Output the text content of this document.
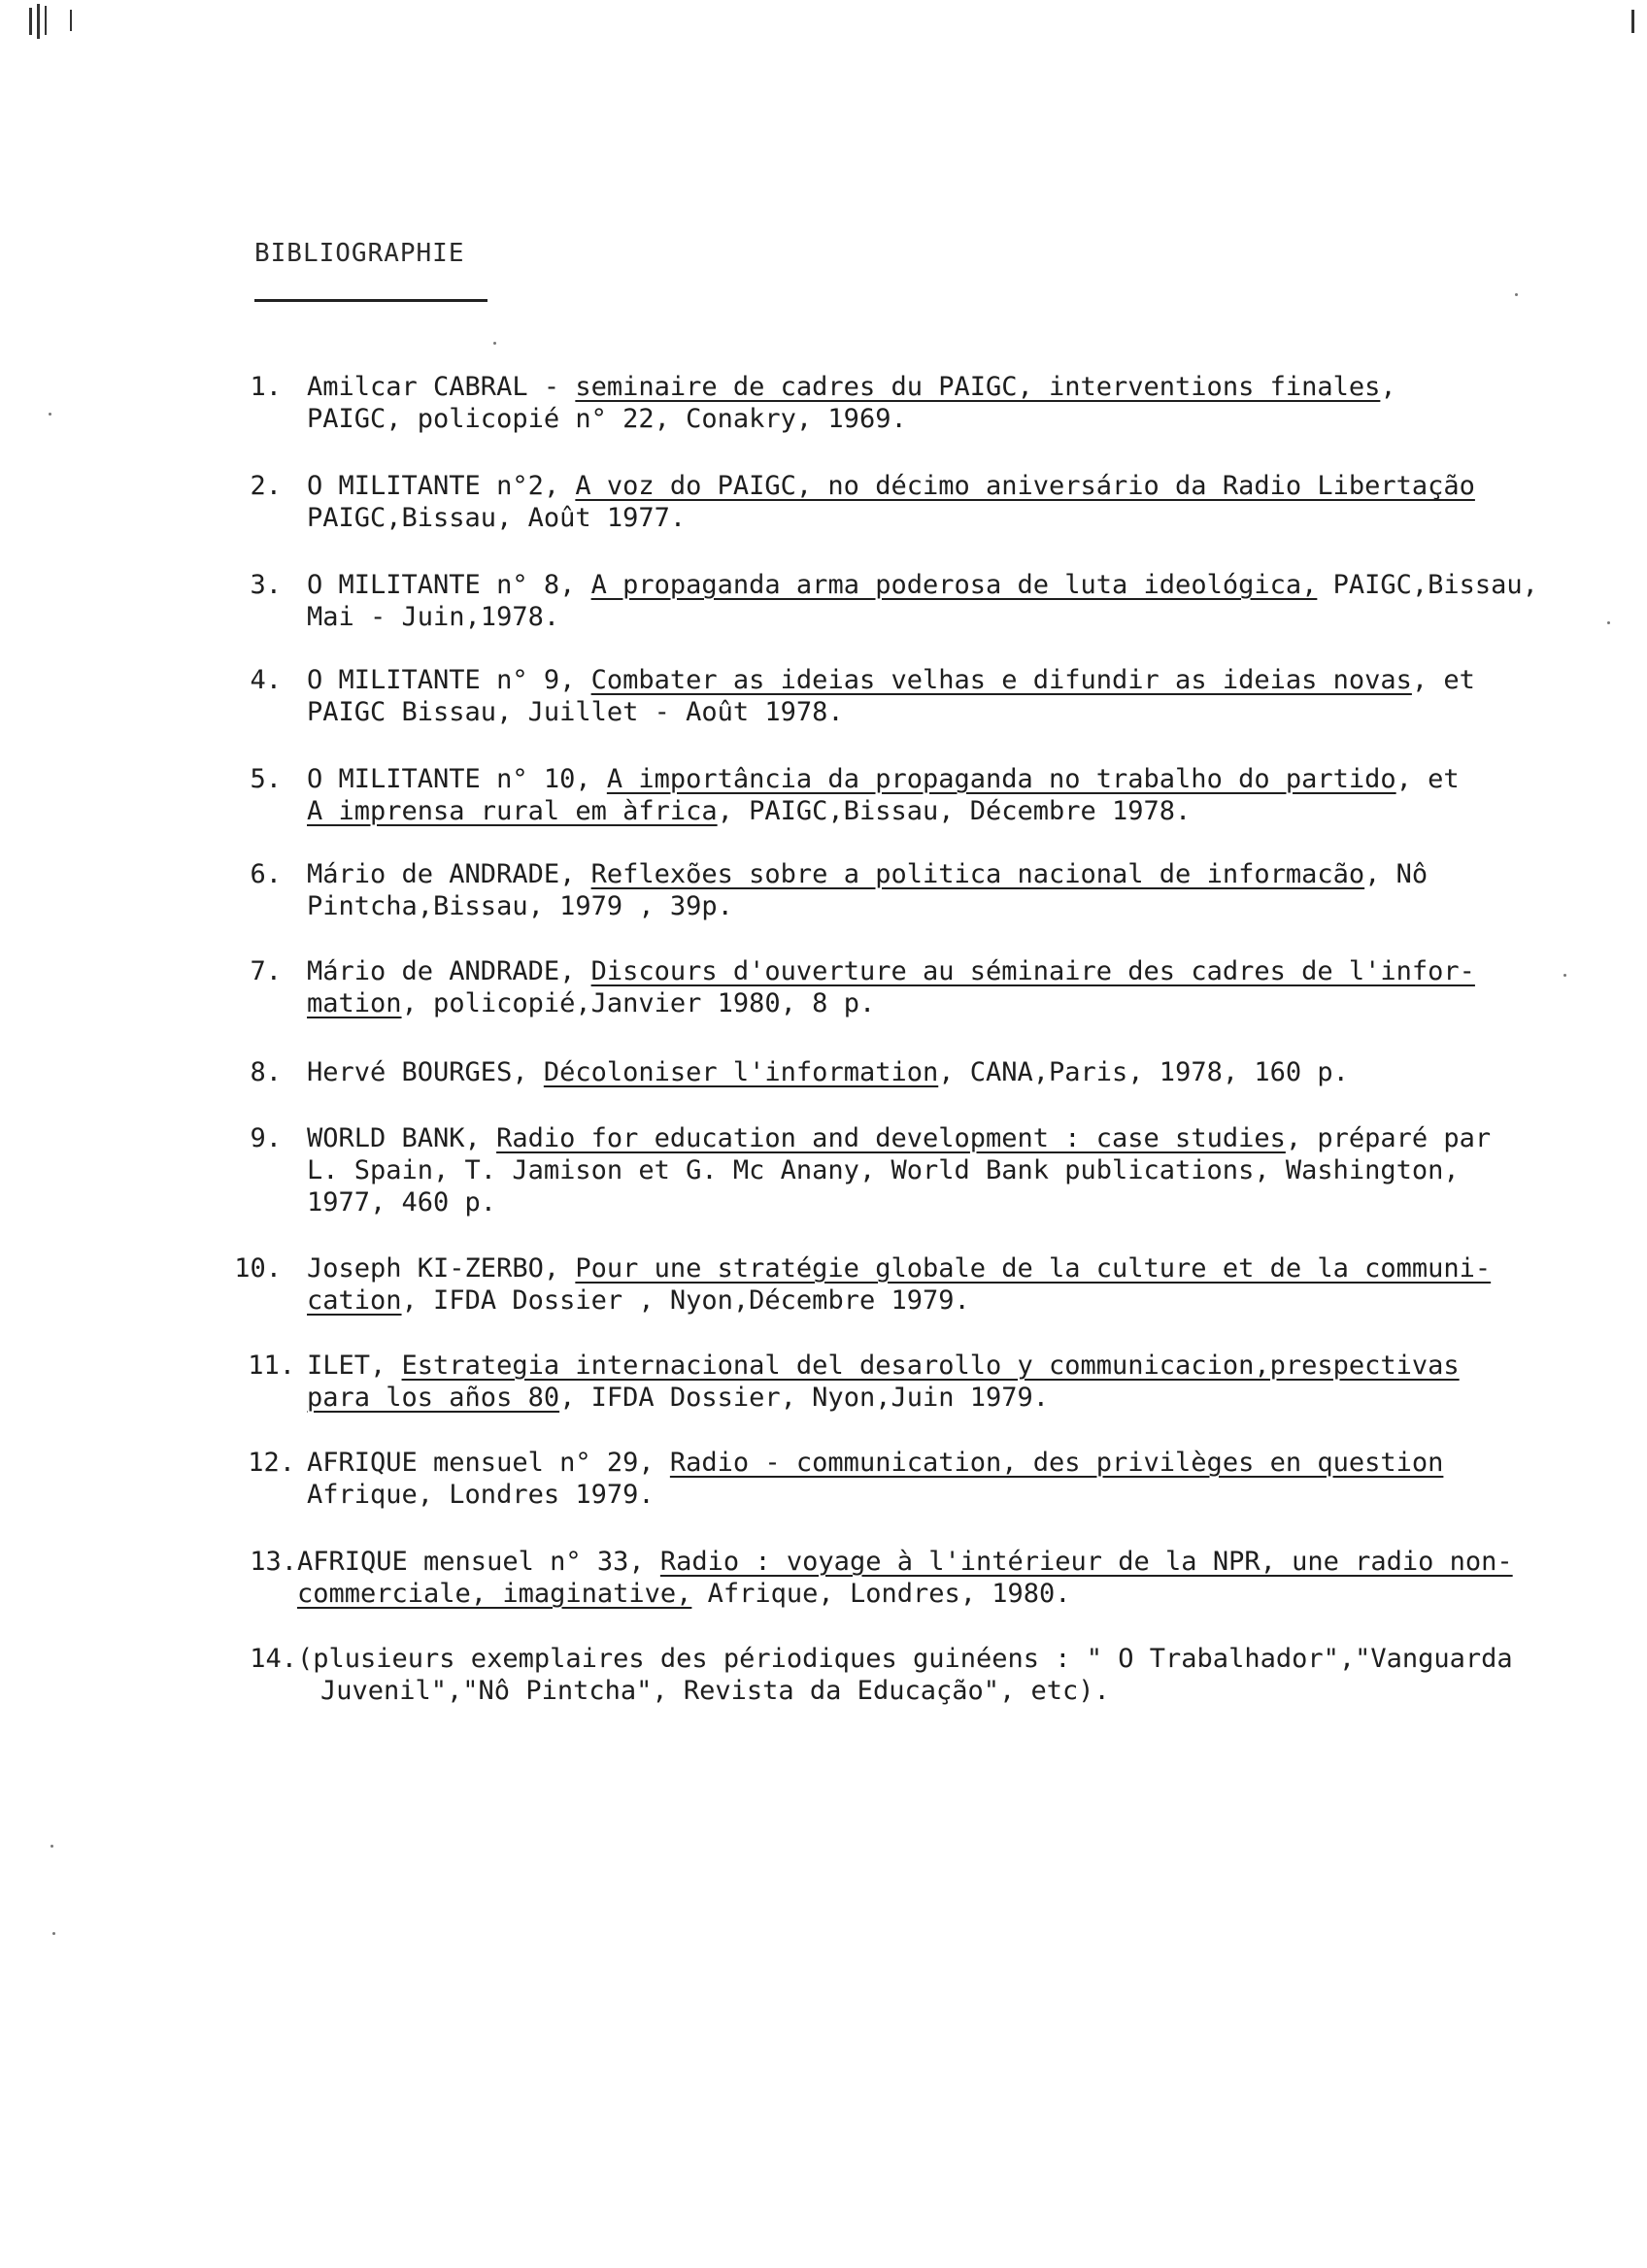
BIBLIOGRAPHIE
1. Amilcar CABRAL - seminaire de cadres du PAIGC, interventions finales,
PAIGC, policopié n° 22, Conakry, 1969.
2. O MILITANTE n°2, A voz do PAIGC, no décimo aniversário da Radio Libertação
PAIGC,Bissau, Août 1977.
3. O MILITANTE n° 8, A propaganda arma poderosa de luta ideológica, PAIGC,Bissau,
Mai - Juin,1978.
4. O MILITANTE n° 9, Combater as ideias velhas e difundir as ideias novas, et
PAIGC Bissau, Juillet - Août 1978.
5. O MILITANTE n° 10, A importância da propaganda no trabalho do partido, et
A imprensa rural em àfrica, PAIGC,Bissau, Décembre 1978.
6. Mário de ANDRADE, Reflexões sobre a politica nacional de informacão, Nô
Pintcha,Bissau, 1979 , 39p.
7. Mário de ANDRADE, Discours d'ouverture au séminaire des cadres de l'infor-
mation, policopié,Janvier 1980, 8 p.
8. Hervé BOURGES, Décoloniser l'information, CANA,Paris, 1978, 160 p.
9. WORLD BANK, Radio for education and development : case studies, préparé par
L. Spain, T. Jamison et G. Mc Anany, World Bank publications, Washington,
1977, 460 p.
10. Joseph KI-ZERBO, Pour une stratégie globale de la culture et de la communi-
cation, IFDA Dossier , Nyon,Décembre 1979.
11. ILET, Estrategia internacional del desarollo y communicacion,prespectivas
para los años 80, IFDA Dossier, Nyon,Juin 1979.
12. AFRIQUE mensuel n° 29, Radio - communication, des privilèges en question
Afrique, Londres 1979.
13. AFRIQUE mensuel n° 33, Radio : voyage à l'intérieur de la NPR, une radio non-
commerciale, imaginative, Afrique, Londres, 1980.
14. (plusieurs exemplaires des périodiques guinéens : " O Trabalhador","Vanguarda
Juvenil","Nô Pintcha", Revista da Educação", etc).
